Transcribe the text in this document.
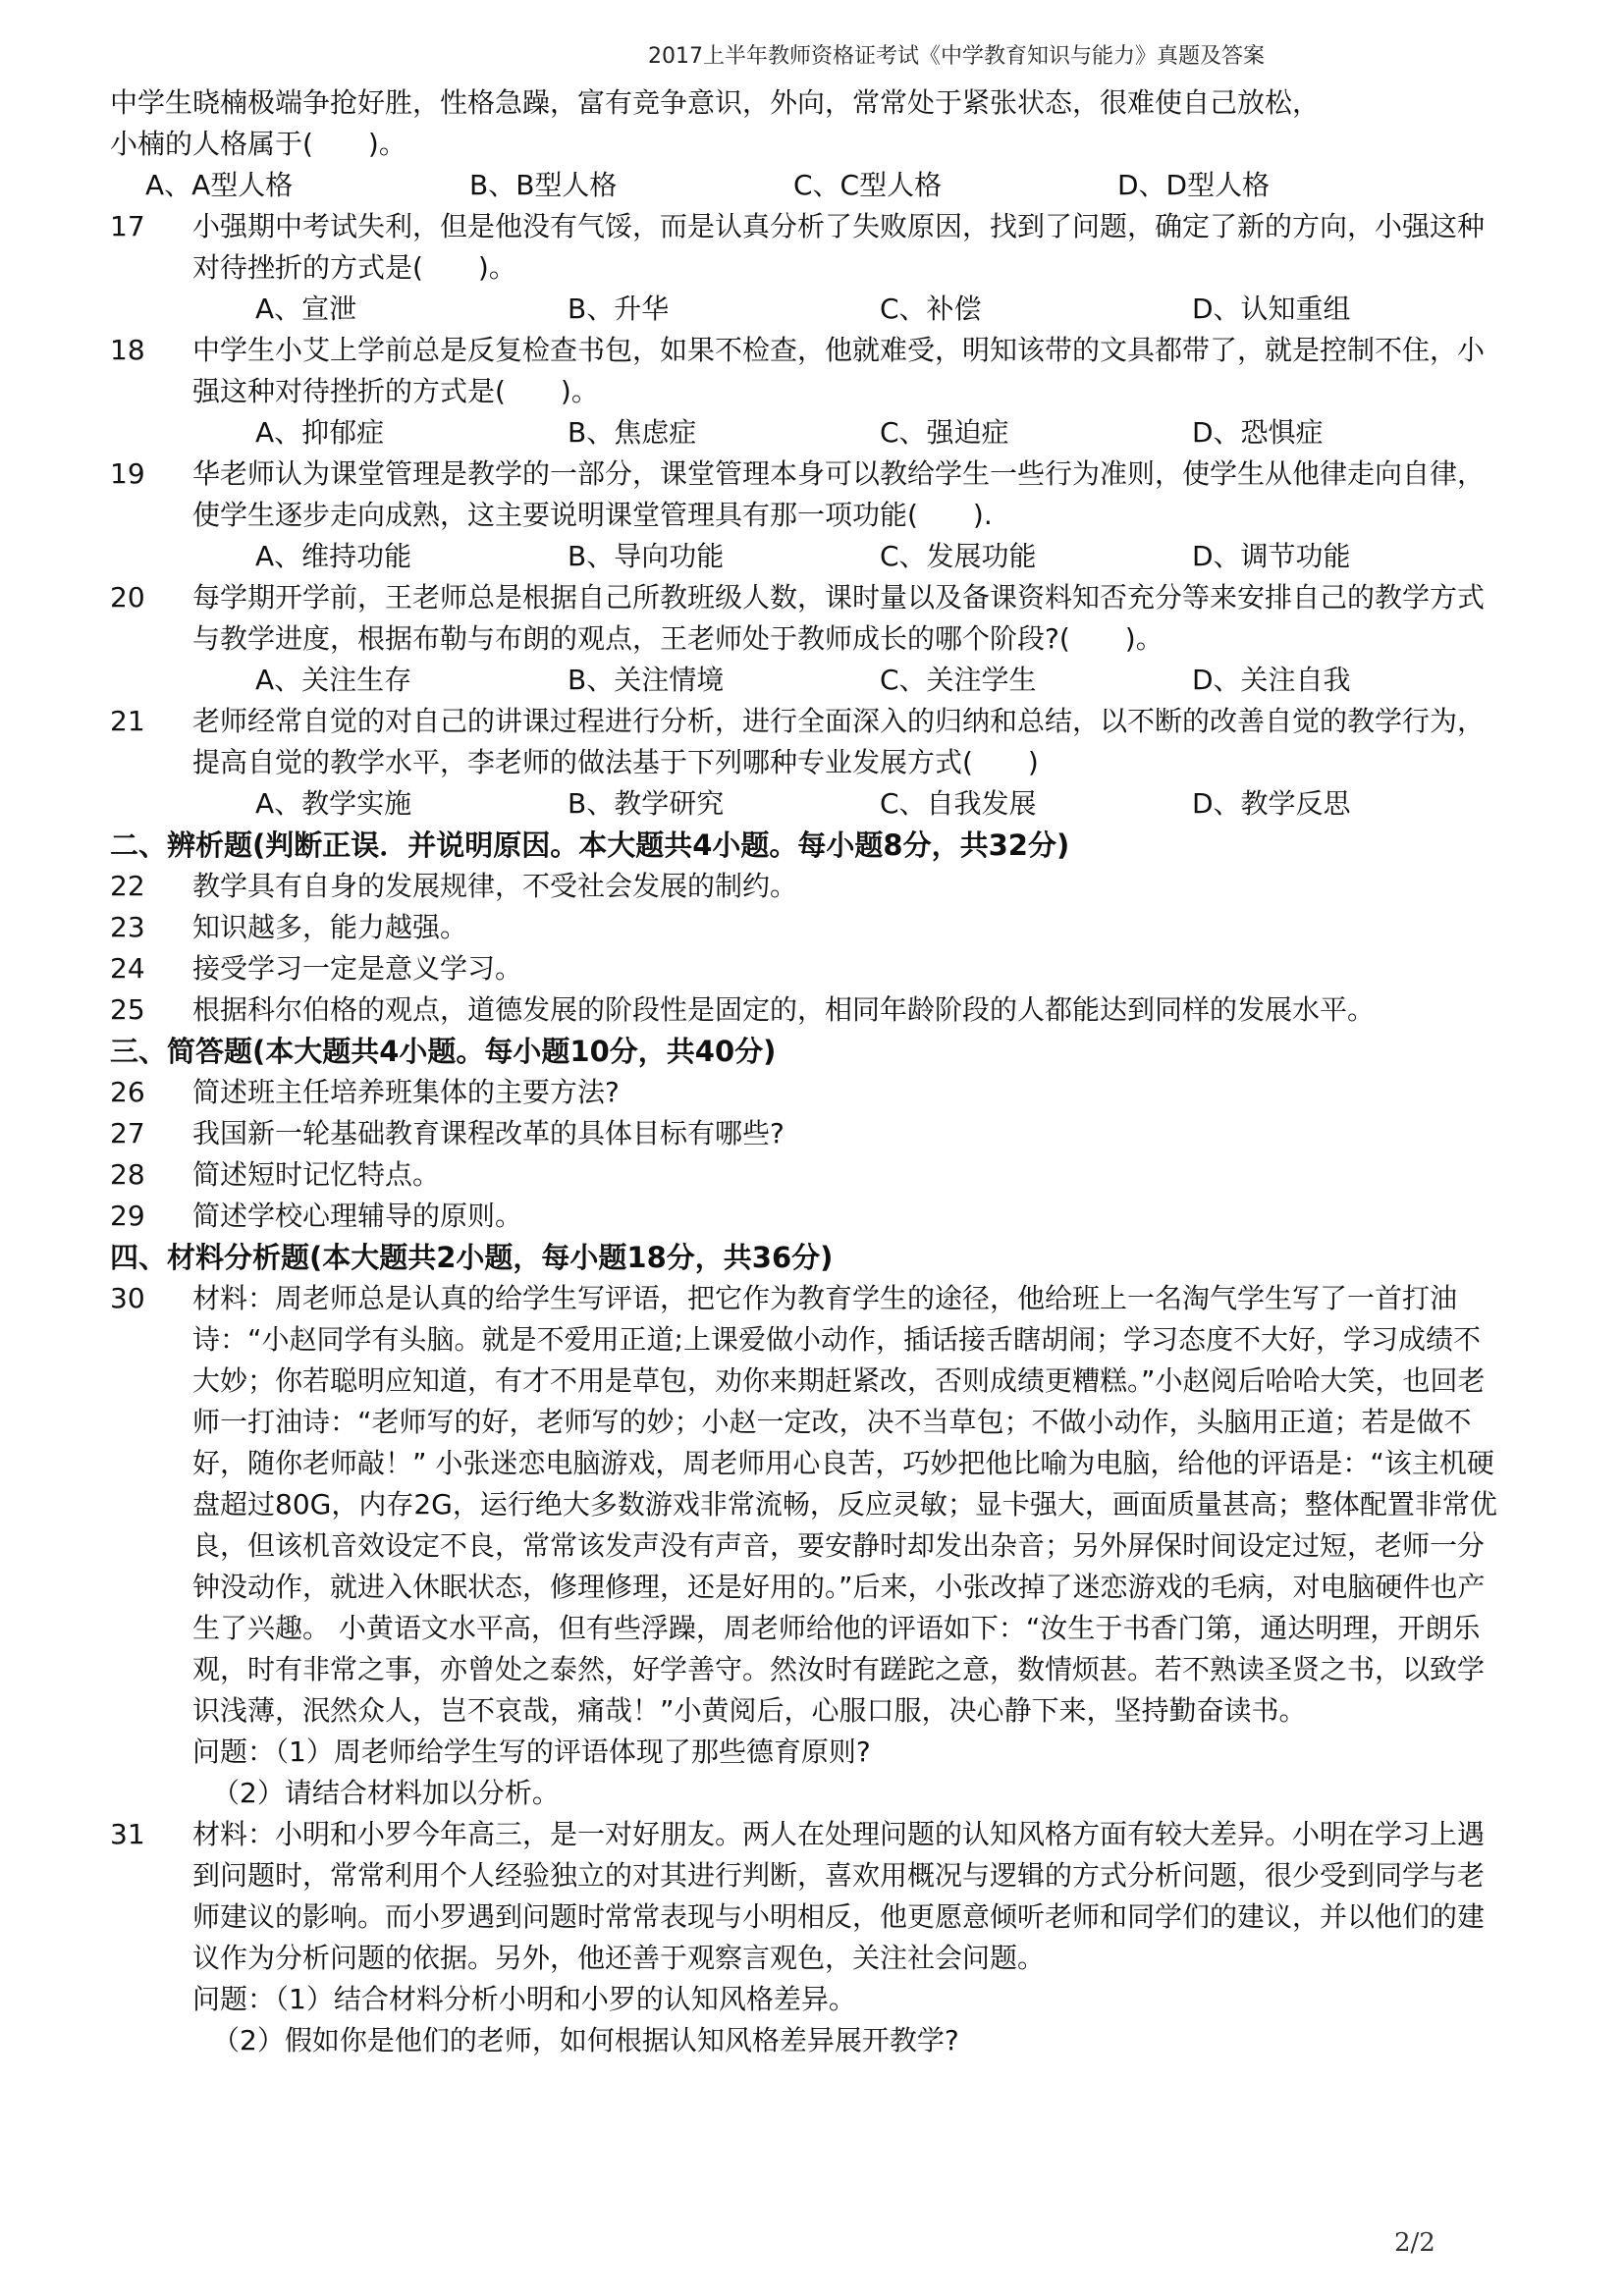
2017上半年教师资格证考试《中学教育知识与能力》真题及答案
中学生晓楠极端争抢好胜，性格急躁，富有竞争意识，外向，常常处于紧张状态，很难使自己放松，
小楠的人格属于(　　)。
A、A型人格	B、B型人格	C、C型人格	D、D型人格
17	小强期中考试失利，但是他没有气馁，而是认真分析了失败原因，找到了问题，确定了新的方向，小强这种对待挫折的方式是(　　)。
A、宣泄	B、升华	C、补偿	D、认知重组
18	中学生小艾上学前总是反复检查书包，如果不检查，他就难受，明知该带的文具都带了，就是控制不住，小强这种对待挫折的方式是(　　)。
A、抑郁症	B、焦虑症	C、强迫症	D、恐惧症
19	华老师认为课堂管理是教学的一部分，课堂管理本身可以教给学生一些行为准则，使学生从他律走向自律，使学生逐步走向成熟，这主要说明课堂管理具有那一项功能(　　).
A、维持功能	B、导向功能	C、发展功能	D、调节功能
20	每学期开学前，王老师总是根据自己所教班级人数，课时量以及备课资料知否充分等来安排自己的教学方式与教学进度，根据布勒与布朗的观点，王老师处于教师成长的哪个阶段?(　　)。
A、关注生存	B、关注情境	C、关注学生	D、关注自我
21	老师经常自觉的对自己的讲课过程进行分析，进行全面深入的归纳和总结，以不断的改善自觉的教学行为，提高自觉的教学水平，李老师的做法基于下列哪种专业发展方式(　　)
A、教学实施	B、教学研究	C、自我发展	D、教学反思
二、辨析题(判断正误．并说明原因。本大题共4小题。每小题8分，共32分)
22	教学具有自身的发展规律，不受社会发展的制约。
23	知识越多，能力越强。
24	接受学习一定是意义学习。
25	根据科尔伯格的观点，道德发展的阶段性是固定的，相同年龄阶段的人都能达到同样的发展水平。
三、简答题(本大题共4小题。每小题10分，共40分)
26	简述班主任培养班集体的主要方法?
27	我国新一轮基础教育课程改革的具体目标有哪些?
28	简述短时记忆特点。
29	简述学校心理辅导的原则。
四、材料分析题(本大题共2小题，每小题18分，共36分)
30	材料：周老师总是认真的给学生写评语，把它作为教育学生的途径，他给班上一名淘气学生写了一首打油诗：“小赵同学有头脑。就是不爱用正道;上课爱做小动作，插话接舌瞎胡闹；学习态度不大好，学习成绩不大妙；你若聪明应知道，有才不用是草包，劝你来期赶紧改，否则成绩更糟糕。”小赵阅后哈哈大笑，也回老师一打油诗：“老师写的好，老师写的妙；小赵一定改，决不当草包；不做小动作，头脑用正道；若是做不好，随你老师敲！” 小张迷恋电脑游戏，周老师用心良苦，巧妙把他比喻为电脑，给他的评语是：“该主机硬盘超过80G，内存2G，运行绝大多数游戏非常流畅，反应灵敏；显卡强大，画面质量甚高；整体配置非常优良，但该机音效设定不良，常常该发声没有声音，要安静时却发出杂音；另外屏保时间设定过短，老师一分钟没动作，就进入休眠状态，修理修理，还是好用的。”后来，小张改掉了迷恋游戏的毛病，对电脑硬件也产生了兴趣。 小黄语文水平高，但有些浮躁，周老师给他的评语如下：“汝生于书香门第，通达明理，开朗乐观，时有非常之事，亦曾处之泰然，好学善守。然汝时有蹉跎之意，数情烦甚。若不熟读圣贤之书，以致学识浅薄，泯然众人，岂不哀哉，痛哉！”小黄阅后，心服口服，决心静下来，坚持勤奋读书。
问题：（1）周老师给学生写的评语体现了那些德育原则?
（2）请结合材料加以分析。
31	材料：小明和小罗今年高三，是一对好朋友。两人在处理问题的认知风格方面有较大差异。小明在学习上遇到问题时，常常利用个人经验独立的对其进行判断，喜欢用概况与逻辑的方式分析问题，很少受到同学与老师建议的影响。而小罗遇到问题时常常表现与小明相反，他更愿意倾听老师和同学们的建议，并以他们的建议作为分析问题的依据。另外，他还善于观察言观色，关注社会问题。
问题：（1）结合材料分析小明和小罗的认知风格差异。
（2）假如你是他们的老师，如何根据认知风格差异展开教学?
2/2
